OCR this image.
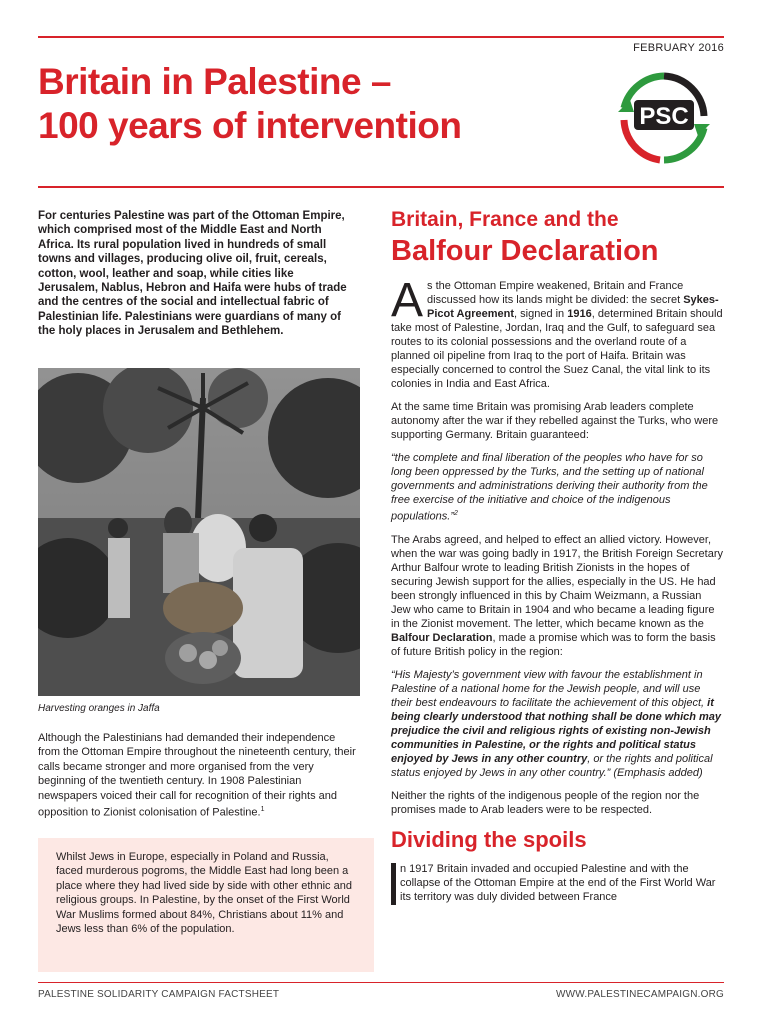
FEBRUARY 2016
Britain in Palestine –
100 years of intervention	PSC
For centuries Palestine was part of the Ottoman Empire, which comprised most of the Middle East and North Africa. Its rural population lived in hundreds of small towns and villages, producing olive oil, fruit, cereals, cotton, wool, leather and soap, while cities like Jerusalem, Nablus, Hebron and Haifa were hubs of trade and the centres of the social and intellectual fabric of Palestinian life. Palestinians were guardians of many of the holy places in Jerusalem and Bethlehem.
Harvesting oranges in Jaffa
Although the Palestinians had demanded their independence from the Ottoman Empire throughout the nineteenth century, their calls became stronger and more organised from the very beginning of the twentieth century. In 1908 Palestinian newspapers voiced their call for recognition of their rights and opposition to Zionist colonisation of Palestine.$^1$
Whilst Jews in Europe, especially in Poland and Russia, faced murderous pogroms, the Middle East had long been a place where they had lived side by side with other ethnic and religious groups. In Palestine, by the onset of the First World War Muslims formed about 84%, Christians about 11% and Jews less than 6% of the population.
Britain, France and the
Balfour Declaration

As the Ottoman Empire weakened, Britain and France discussed how its lands might be divided: the secret Sykes-Picot Agreement, signed in 1916, determined Britain should take most of Palestine, Jordan, Iraq and the Gulf, to safeguard sea routes to its colonial possessions and the overland route of a planned oil pipeline from Iraq to the port of Haifa. Britain was especially concerned to control the Suez Canal, the vital link to its colonies in India and East Africa.

At the same time Britain was promising Arab leaders complete autonomy after the war if they rebelled against the Turks, who were supporting Germany. Britain guaranteed:

“the complete and final liberation of the peoples who have for so long been oppressed by the Turks, and the setting up of national governments and administrations deriving their authority from the free exercise of the initiative and choice of the indigenous populations.”$^2$

The Arabs agreed, and helped to effect an allied victory. However, when the war was going badly in 1917, the British Foreign Secretary Arthur Balfour wrote to leading British Zionists in the hopes of securing Jewish support for the allies, especially in the US. He had been strongly influenced in this by Chaim Weizmann, a Russian Jew who came to Britain in 1904 and who became a leading figure in the Zionist movement. The letter, which became known as the Balfour Declaration, made a promise which was to form the basis of future British policy in the region:

“His Majesty’s government view with favour the establishment in Palestine of a national home for the Jewish people, and will use their best endeavours to facilitate the achievement of this object, it being clearly understood that nothing shall be done which may prejudice the civil and religious rights of existing non-Jewish communities in Palestine, or the rights and political status enjoyed by Jews in any other country, or the rights and political status enjoyed by Jews in any other country.” (Emphasis added)

Neither the rights of the indigenous people of the region nor the promises made to Arab leaders were to be respected.

Dividing the spoils

n 1917 Britain invaded and occupied Palestine and with the collapse of the Ottoman Empire at the end of the First World War its territory was duly divided between France

PALESTINE SOLIDARITY CAMPAIGN FACTSHEET	WWW.PALESTINECAMPAIGN.ORG
